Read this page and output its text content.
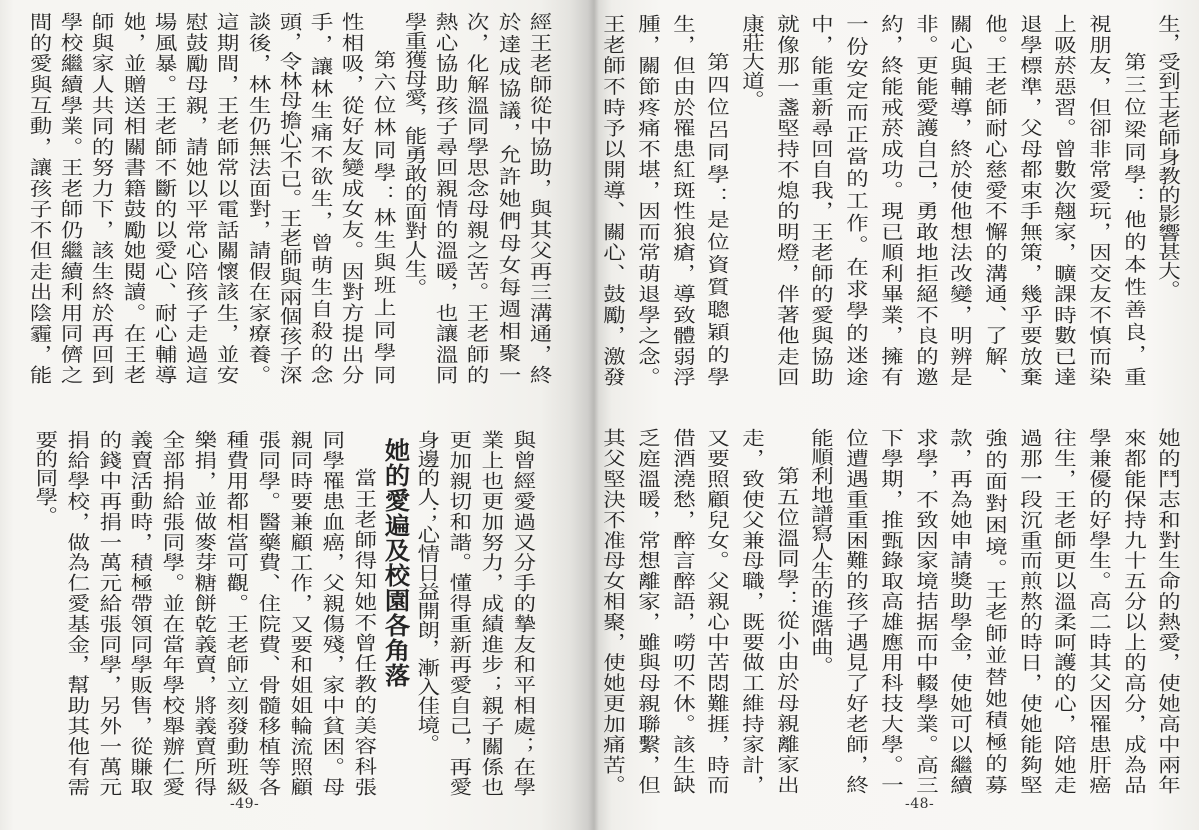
經王老師從中協助，與其父再三溝通，終
於達成協議，允許她們母女每週相聚一
次，化解溫同學思念母親之苦。王老師的
熱心協助孩子尋回親情的溫暖，也讓溫同
學重獲母愛，能勇敢的面對人生。
第六位林同學：林生與班上同學同
性相吸，從好友變成女友。因對方提出分
手，讓林生痛不欲生，曾萌生自殺的念
頭，令林母擔心不已。王老師與兩個孩子深
談後，林生仍無法面對，請假在家療養。
這期間，王老師常以電話關懷該生，並安
慰鼓勵母親，請她以平常心陪孩子走過這
場風暴。王老師不斷的以愛心、耐心輔導
她，並贈送相關書籍鼓勵她閱讀。在王老
師與家人共同的努力下，該生終於再回到
學校繼續學業。王老師仍繼續利用同儕之
間的愛與互動，讓孩子不但走出陰霾，能
與曾經愛過又分手的摯友和平相處；在學
業上也更加努力，成績進步；親子關係也
更加親切和諧。懂得重新再愛自己，再愛
身邊的人；心情日益開朗，漸入佳境。
她的愛遍及校園各角落
當王老師得知她不曾任教的美容科張
同學罹患血癌，父親傷殘，家中貧困。母
親同時要兼顧工作，又要和姐姐輪流照顧
張同學。醫藥費、住院費、骨髓移植等各
種費用都相當可觀。王老師立刻發動班級
樂捐，並做麥芽糖餅乾義賣，將義賣所得
全部捐給張同學。並在當年學校舉辦仁愛
義賣活動時，積極帶領同學販售，從賺取
的錢中再捐一萬元給張同學，另外一萬元
捐給學校，做為仁愛基金，幫助其他有需
要的同學。
-49-
生，受到王老師身教的影響甚大。
第三位梁同學：他的本性善良，重
視朋友，但卻非常愛玩，因交友不慎而染
上吸菸惡習。曾數次翹家，曠課時數已達
退學標準，父母都束手無策，幾乎要放棄
他。王老師耐心慈愛不懈的溝通、了解、
關心與輔導，終於使他想法改變，明辨是
非。更能愛護自己，勇敢地拒絕不良的邀
約，終能戒菸成功。現已順利畢業，擁有
一份安定而正當的工作。在求學的迷途
中，能重新尋回自我，王老師的愛與協助
就像那一盞堅持不熄的明燈，伴著他走回
康莊大道。
第四位呂同學：是位資質聰穎的學
生，但由於罹患紅斑性狼瘡，導致體弱浮
腫，關節疼痛不堪，因而常萌退學之念。
王老師不時予以開導、關心、鼓勵，激發
她的鬥志和對生命的熱愛，使她高中兩年
來都能保持九十五分以上的高分，成為品
學兼優的好學生。高二時其父因罹患肝癌
往生，王老師更以溫柔呵護的心，陪她走
過那一段沉重而煎熬的時日，使她能夠堅
強的面對困境。王老師並替她積極的募
款，再為她申請獎助學金，使她可以繼續
求學，不致因家境拮据而中輟學業。高三
下學期，推甄錄取高雄應用科技大學。一
位遭遇重重困難的孩子遇見了好老師，終
能順利地譜寫人生的進階曲。
第五位溫同學：從小由於母親離家出
走，致使父兼母職，既要做工維持家計，
又要照顧兒女。父親心中苦悶難捱，時而
借酒澆愁，醉言醉語，嘮叨不休。該生缺
乏庭溫暖，常想離家，雖與母親聯繫，但
其父堅決不准母女相聚，使她更加痛苦。
-48-
